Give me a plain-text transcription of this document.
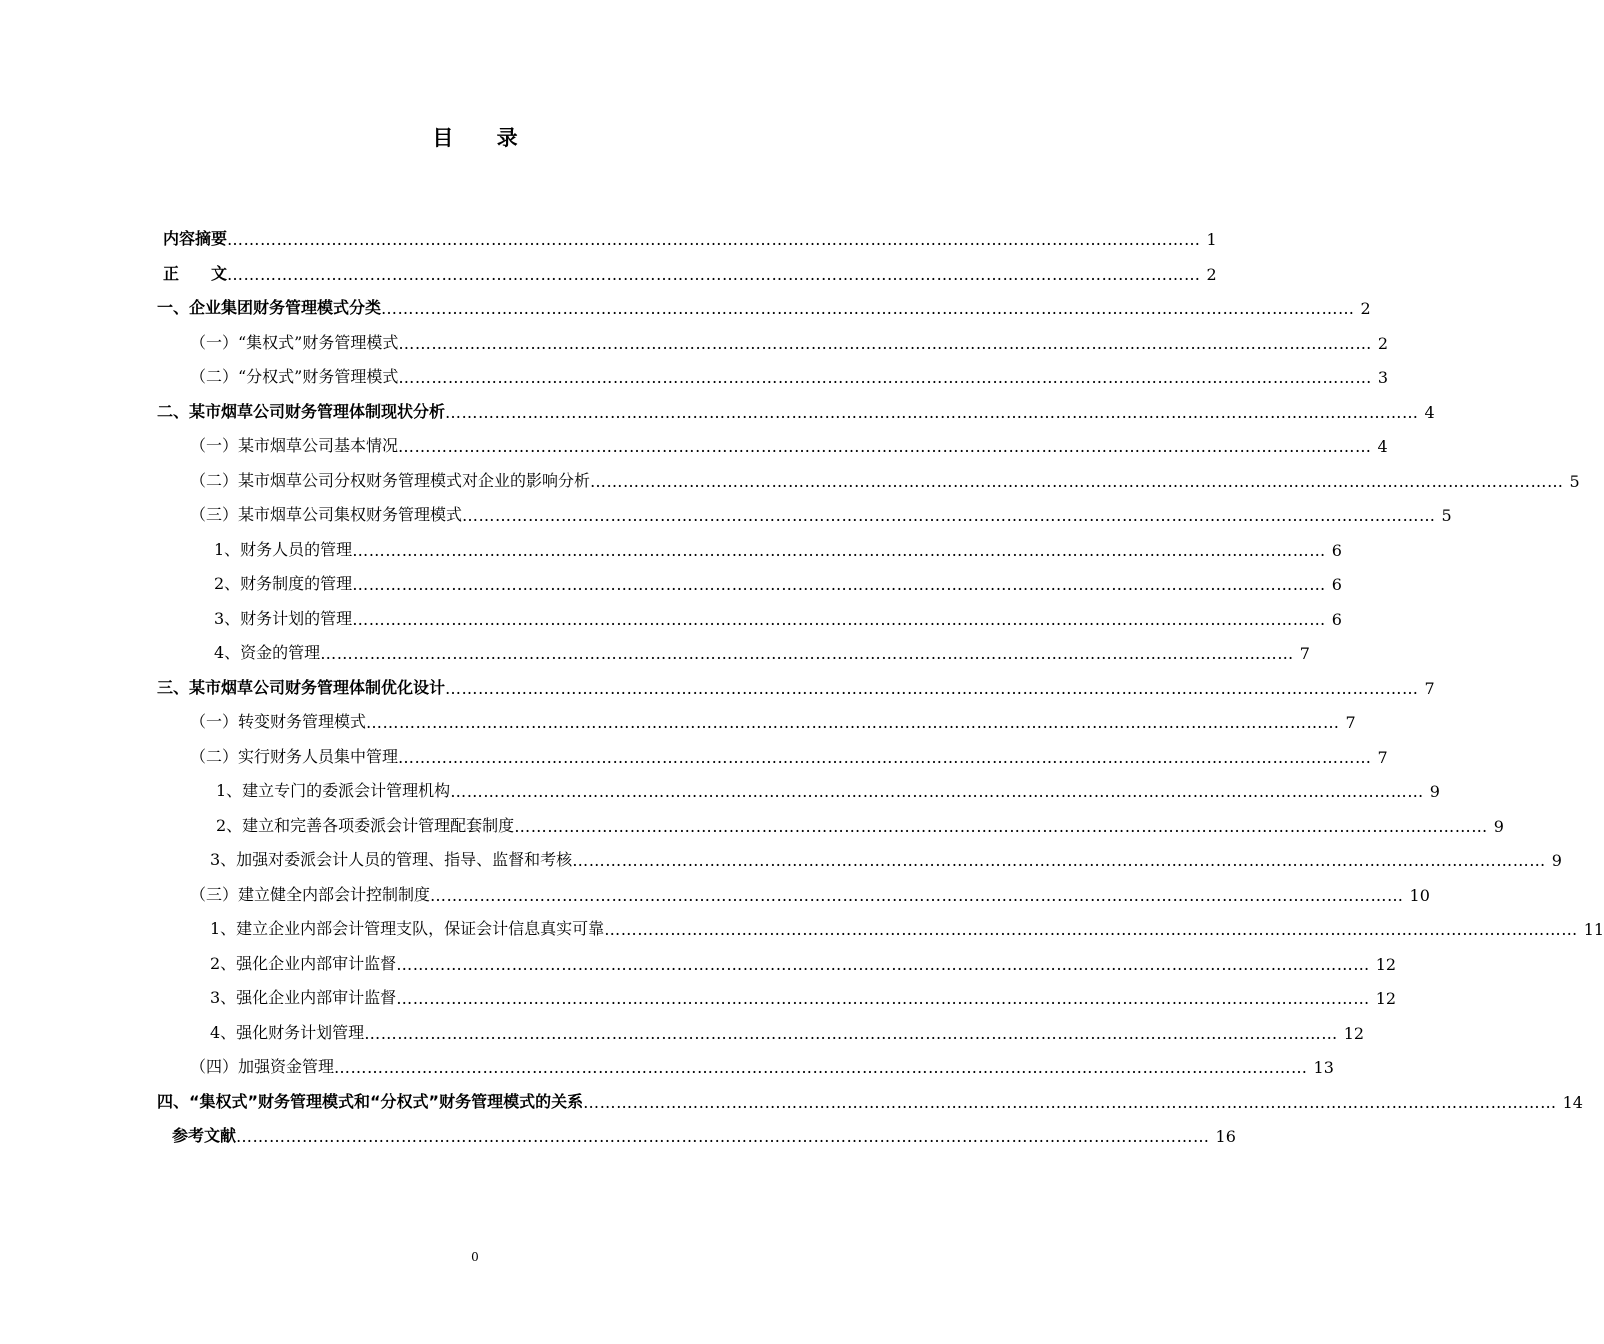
目 录
内容摘要 …………………………………………………………………………………………………………………………………………………………… 1
正　　文 …………………………………………………………………………………………………………………………………………………………… 2
一、企业集团财务管理模式分类 …………………………………………………………………………………………………………………………………………………………… 2
（一）“集权式”财务管理模式 …………………………………………………………………………………………………………………………………………………………… 2
（二）“分权式”财务管理模式 …………………………………………………………………………………………………………………………………………………………… 3
二、某市烟草公司财务管理体制现状分析 …………………………………………………………………………………………………………………………………………………………… 4
（一）某市烟草公司基本情况 …………………………………………………………………………………………………………………………………………………………… 4
（二）某市烟草公司分权财务管理模式对企业的影响分析 …………………………………………………………………………………………………………………………………………………………… 5
（三）某市烟草公司集权财务管理模式 …………………………………………………………………………………………………………………………………………………………… 5
1、财务人员的管理 …………………………………………………………………………………………………………………………………………………………… 6
2、财务制度的管理 …………………………………………………………………………………………………………………………………………………………… 6
3、财务计划的管理 …………………………………………………………………………………………………………………………………………………………… 6
4、资金的管理 …………………………………………………………………………………………………………………………………………………………… 7
三、某市烟草公司财务管理体制优化设计 …………………………………………………………………………………………………………………………………………………………… 7
（一）转变财务管理模式 …………………………………………………………………………………………………………………………………………………………… 7
（二）实行财务人员集中管理 …………………………………………………………………………………………………………………………………………………………… 7
1、建立专门的委派会计管理机构 …………………………………………………………………………………………………………………………………………………………… 9
2、建立和完善各项委派会计管理配套制度 …………………………………………………………………………………………………………………………………………………………… 9
3、加强对委派会计人员的管理、指导、监督和考核 …………………………………………………………………………………………………………………………………………………………… 9
（三）建立健全内部会计控制制度 …………………………………………………………………………………………………………………………………………………………… 10
1、建立企业内部会计管理支队，保证会计信息真实可靠 …………………………………………………………………………………………………………………………………………………………… 11
2、强化企业内部审计监督 …………………………………………………………………………………………………………………………………………………………… 12
3、强化企业内部审计监督 …………………………………………………………………………………………………………………………………………………………… 12
4、强化财务计划管理 …………………………………………………………………………………………………………………………………………………………… 12
（四）加强资金管理 …………………………………………………………………………………………………………………………………………………………… 13
四、“集权式”财务管理模式和“分权式”财务管理模式的关系 …………………………………………………………………………………………………………………………………………………………… 14
参考文献 …………………………………………………………………………………………………………………………………………………………… 16
0
